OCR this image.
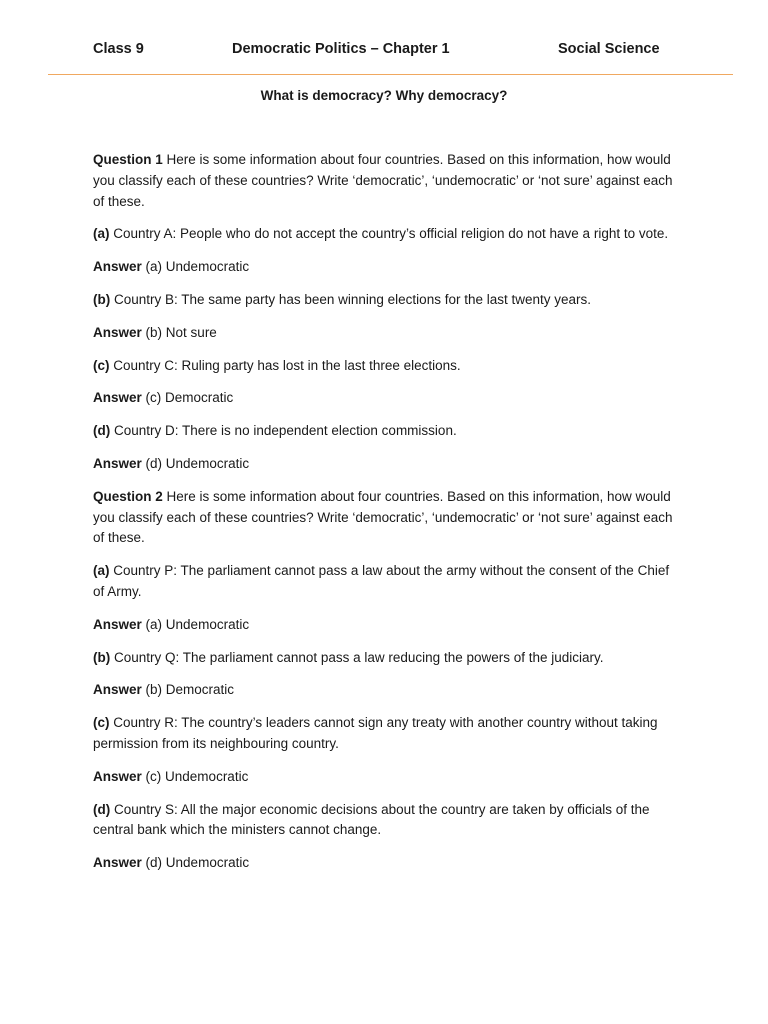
Class 9	Democratic Politics – Chapter 1	Social Science
What is democracy? Why democracy?

Question 1 Here is some information about four countries. Based on this information, how would you classify each of these countries? Write ‘democratic’, ‘undemocratic’ or ‘not sure’ against each of these.

(a) Country A: People who do not accept the country’s official religion do not have a right to vote.

Answer (a) Undemocratic

(b) Country B: The same party has been winning elections for the last twenty years.

Answer (b) Not sure

(c) Country C: Ruling party has lost in the last three elections.

Answer (c) Democratic

(d) Country D: There is no independent election commission.

Answer (d) Undemocratic

Question 2 Here is some information about four countries. Based on this information, how would you classify each of these countries? Write ‘democratic’, ‘undemocratic’ or ‘not sure’ against each of these.

(a) Country P: The parliament cannot pass a law about the army without the consent of the Chief of Army.

Answer (a) Undemocratic

(b) Country Q: The parliament cannot pass a law reducing the powers of the judiciary.

Answer (b) Democratic

(c) Country R: The country’s leaders cannot sign any treaty with another country without taking permission from its neighbouring country.

Answer (c) Undemocratic

(d) Country S: All the major economic decisions about the country are taken by officials of the central bank which the ministers cannot change.

Answer (d) Undemocratic
